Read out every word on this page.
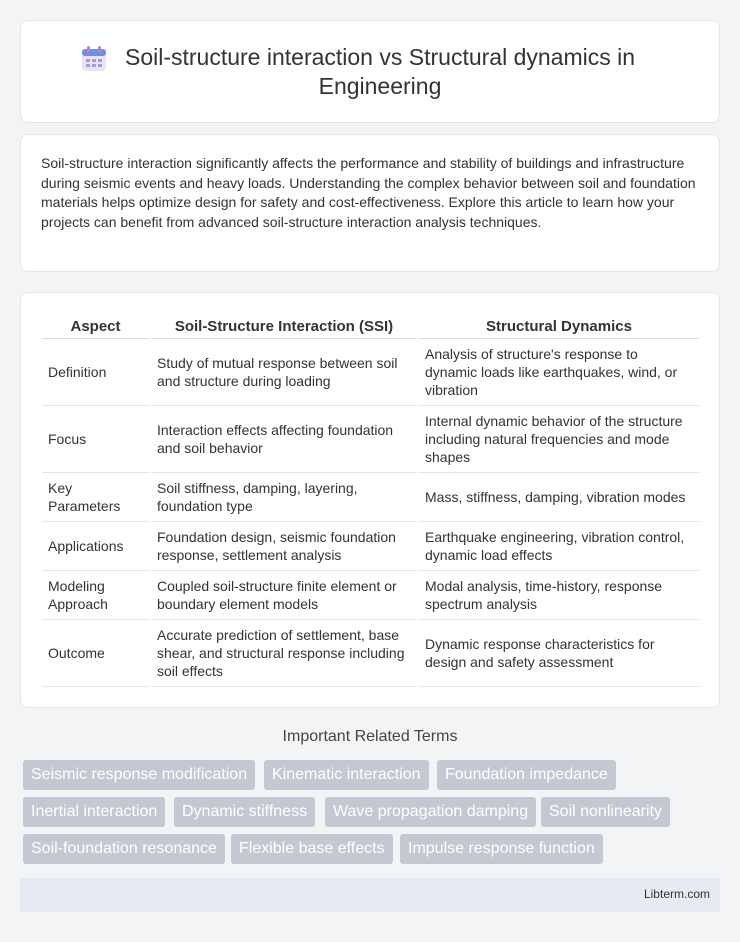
Soil-structure interaction vs Structural dynamics in Engineering

Soil-structure interaction significantly affects the performance and stability of buildings and infrastructure during seismic events and heavy loads. Understanding the complex behavior between soil and foundation materials helps optimize design for safety and cost-effectiveness. Explore this article to learn how your projects can benefit from advanced soil-structure interaction analysis techniques.

Aspect	Soil-Structure Interaction (SSI)	Structural Dynamics
Definition	Study of mutual response between soil and structure during loading	Analysis of structure's response to dynamic loads like earthquakes, wind, or vibration
Focus	Interaction effects affecting foundation and soil behavior	Internal dynamic behavior of the structure including natural frequencies and mode shapes
Key Parameters	Soil stiffness, damping, layering, foundation type	Mass, stiffness, damping, vibration modes
Applications	Foundation design, seismic foundation response, settlement analysis	Earthquake engineering, vibration control, dynamic load effects
Modeling Approach	Coupled soil-structure finite element or boundary element models	Modal analysis, time-history, response spectrum analysis
Outcome	Accurate prediction of settlement, base shear, and structural response including soil effects	Dynamic response characteristics for design and safety assessment
Important Related Terms
Seismic response modification	Kinematic interaction	Foundation impedance
Inertial interaction	Dynamic stiffness	Wave propagation damping	Soil nonlinearity
Soil-foundation resonance	Flexible base effects	Impulse response function
Libterm.com
